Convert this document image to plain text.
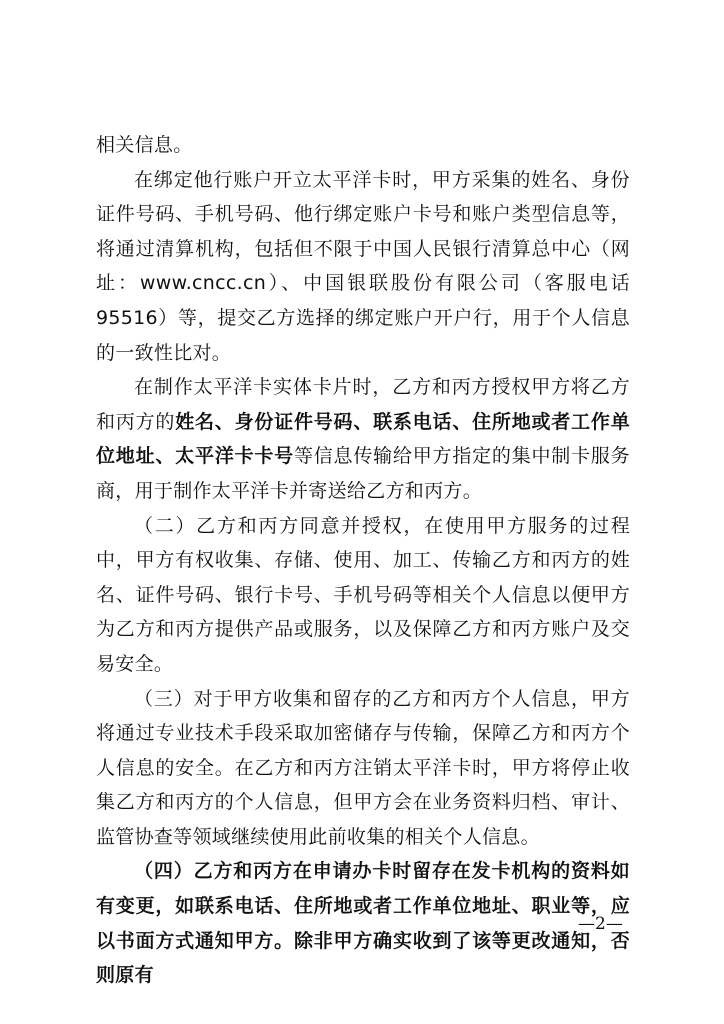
相关信息。

在绑定他行账户开立太平洋卡时，甲方采集的姓名、身份证件号码、手机号码、他行绑定账户卡号和账户类型信息等，将通过清算机构，包括但不限于中国人民银行清算总中心（网址：www.cncc.cn）、中国银联股份有限公司（客服电话95516）等，提交乙方选择的绑定账户开户行，用于个人信息的一致性比对。

在制作太平洋卡实体卡片时，乙方和丙方授权甲方将乙方和丙方的姓名、身份证件号码、联系电话、住所地或者工作单位地址、太平洋卡卡号等信息传输给甲方指定的集中制卡服务商，用于制作太平洋卡并寄送给乙方和丙方。

（二）乙方和丙方同意并授权，在使用甲方服务的过程中，甲方有权收集、存储、使用、加工、传输乙方和丙方的姓名、证件号码、银行卡号、手机号码等相关个人信息以便甲方为乙方和丙方提供产品或服务，以及保障乙方和丙方账户及交易安全。

（三）对于甲方收集和留存的乙方和丙方个人信息，甲方将通过专业技术手段采取加密储存与传输，保障乙方和丙方个人信息的安全。在乙方和丙方注销太平洋卡时，甲方将停止收集乙方和丙方的个人信息，但甲方会在业务资料归档、审计、监管协查等领域继续使用此前收集的相关个人信息。

（四）乙方和丙方在申请办卡时留存在发卡机构的资料如有变更，如联系电话、住所地或者工作单位地址、职业等，应以书面方式通知甲方。除非甲方确实收到了该等更改通知，否则原有

—2—
